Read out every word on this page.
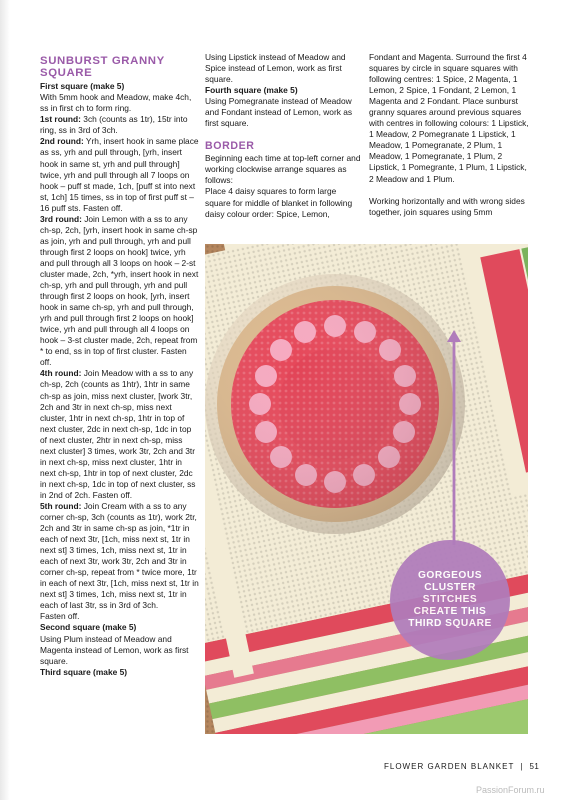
SUNBURST GRANNY SQUARE

First square (make 5)

With 5mm hook and Meadow, make 4ch, ss in first ch to form ring.

1st round: 3ch (counts as 1tr), 15tr into ring, ss in 3rd of 3ch.

2nd round: Yrh, insert hook in same place as ss, yrh and pull through, [yrh, insert hook in same st, yrh and pull through] twice, yrh and pull through all 7 loops on hook – puff st made, 1ch, [puff st into next st, 1ch] 15 times, ss in top of first puff st – 16 puff sts. Fasten off.

3rd round: Join Lemon with a ss to any ch-sp, 2ch, [yrh, insert hook in same ch-sp as join, yrh and pull through, yrh and pull through first 2 loops on hook] twice, yrh and pull through all 3 loops on hook – 2-st cluster made, 2ch, *yrh, insert hook in next ch-sp, yrh and pull through, yrh and pull through first 2 loops on hook, [yrh, insert hook in same ch-sp, yrh and pull through, yrh and pull through first 2 loops on hook] twice, yrh and pull through all 4 loops on hook – 3-st cluster made, 2ch, repeat from * to end, ss in top of first cluster. Fasten off.

4th round: Join Meadow with a ss to any ch-sp, 2ch (counts as 1htr), 1htr in same ch-sp as join, miss next cluster, [work 3tr, 2ch and 3tr in next ch-sp, miss next cluster, 1htr in next ch-sp, 1htr in top of next cluster, 2dc in next ch-sp, 1dc in top of next cluster, 2htr in next ch-sp, miss next cluster] 3 times, work 3tr, 2ch and 3tr in next ch-sp, miss next cluster, 1htr in next ch-sp, 1htr in top of next cluster, 2dc in next ch-sp, 1dc in top of next cluster, ss in 2nd of 2ch. Fasten off.

5th round: Join Cream with a ss to any corner ch-sp, 3ch (counts as 1tr), work 2tr, 2ch and 3tr in same ch-sp as join, *1tr in each of next 3tr, [1ch, miss next st, 1tr in next st] 3 times, 1ch, miss next st, 1tr in each of next 3tr, work 3tr, 2ch and 3tr in corner ch-sp, repeat from * twice more, 1tr in each of next 3tr, [1ch, miss next st, 1tr in next st] 3 times, 1ch, miss next st, 1tr in each of last 3tr, ss in 3rd of 3ch.

Fasten off.

Second square (make 5)

Using Plum instead of Meadow and Magenta instead of Lemon, work as first square.

Third square (make 5)

Using Lipstick instead of Meadow and Spice instead of Lemon, work as first square.

Fourth square (make 5)

Using Pomegranate instead of Meadow and Fondant instead of Lemon, work as first square.

BORDER

Beginning each time at top-left corner and working clockwise arrange squares as follows:

Place 4 daisy squares to form large square for middle of blanket in following daisy colour order: Spice, Lemon,

Fondant and Magenta. Surround the first 4 squares by circle in square squares with following centres: 1 Spice, 2 Magenta, 1 Lemon, 2 Spice, 1 Fondant, 2 Lemon, 1 Magenta and 2 Fondant. Place sunburst granny squares around previous squares with centres in following colours: 1 Lipstick, 1 Meadow, 2 Pomegranate 1 Lipstick, 1 Meadow, 1 Pomegranate, 2 Plum, 1 Meadow, 1 Pomegranate, 1 Plum, 2 Lipstick, 1 Pomegrante, 1 Plum, 1 Lipstick, 2 Meadow and 1 Plum.

Working horizontally and with wrong sides together, join squares using 5mm

GORGEOUS CLUSTER STITCHES CREATE THIS THIRD SQUARE
FLOWER GARDEN BLANKET | 51
PassionForum.ru
